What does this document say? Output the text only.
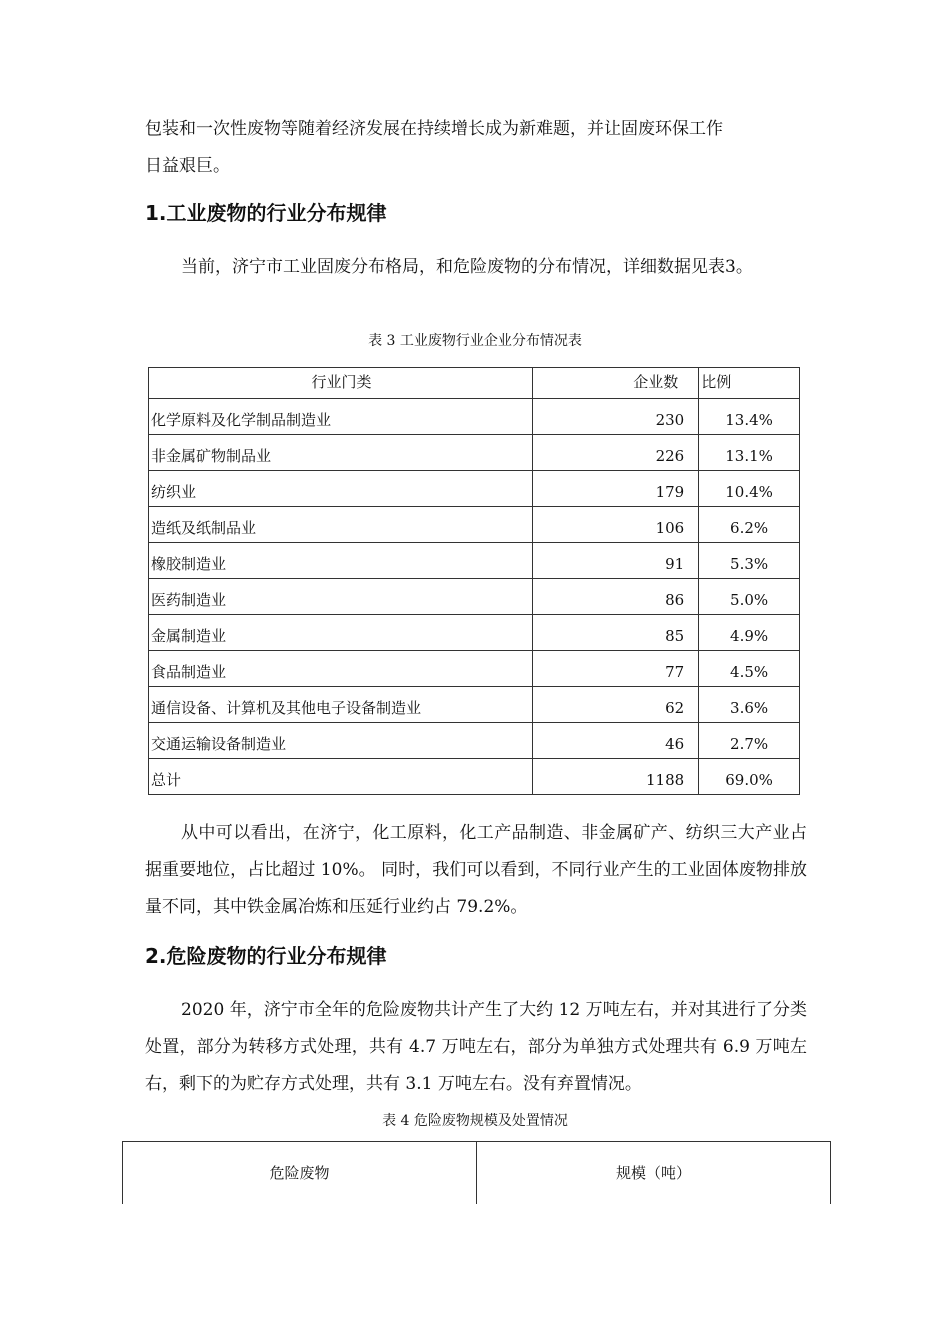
包装和一次性废物等随着经济发展在持续增长成为新难题，并让固废环保工作

日益艰巨。

1.工业废物的行业分布规律

当前，济宁市工业固废分布格局，和危险废物的分布情况，详细数据见表3。

表 3 工业废物行业企业分布情况表

行业门类	企业数	比例
化学原料及化学制品制造业	230	13.4%
非金属矿物制品业	226	13.1%
纺织业	179	10.4%
造纸及纸制品业	106	6.2%
橡胶制造业	91	5.3%
医药制造业	86	5.0%
金属制造业	85	4.9%
食品制造业	77	4.5%
通信设备、计算机及其他电子设备制造业	62	3.6%
交通运输设备制造业	46	2.7%
总计	1188	69.0%

从中可以看出，在济宁，化工原料，化工产品制造、非金属矿产、纺织三大产业占据重要地位，占比超过 10%。 同时，我们可以看到，不同行业产生的工业固体废物排放量不同，其中铁金属冶炼和压延行业约占 79.2%。

2.危险废物的行业分布规律

2020 年，济宁市全年的危险废物共计产生了大约 12 万吨左右，并对其进行了分类处置，部分为转移方式处理，共有 4.7 万吨左右，部分为单独方式处理共有 6.9 万吨左右，剩下的为贮存方式处理，共有 3.1 万吨左右。没有弃置情况。

表 4 危险废物规模及处置情况

危险废物	规模（吨）
